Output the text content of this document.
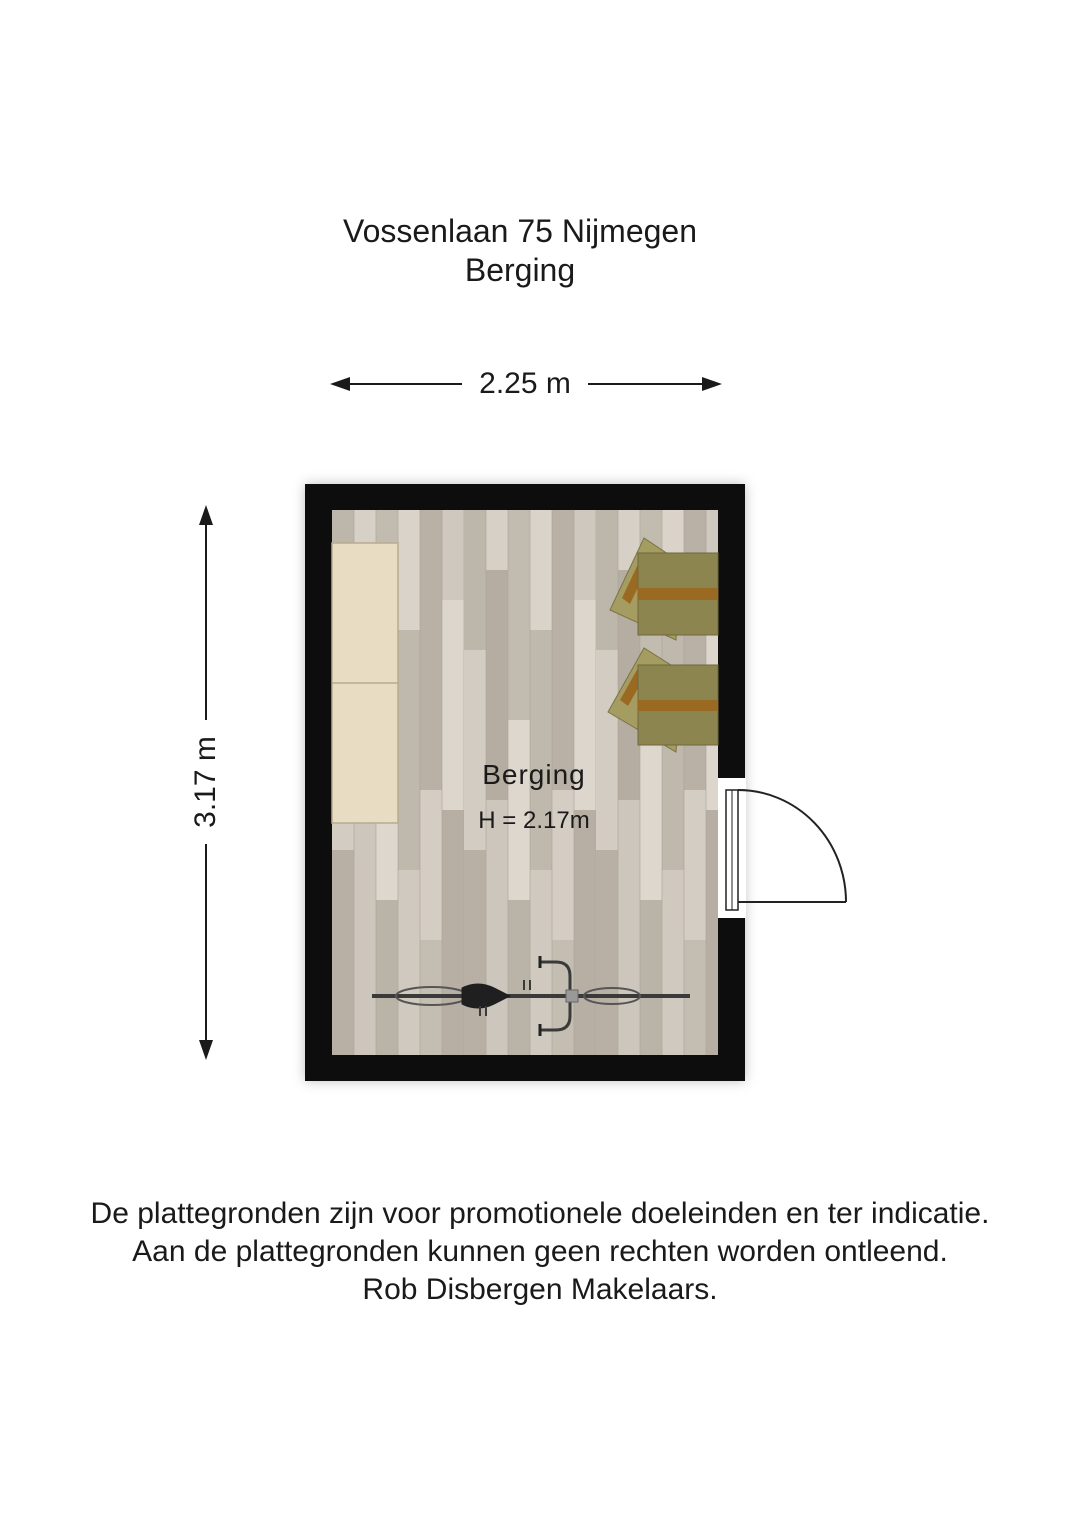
Vossenlaan 75 Nijmegen
Berging
2.25 m
3.17 m	Berging
H = 2.17m
De plattegronden zijn voor promotionele doeleinden en ter indicatie.
Aan de plattegronden kunnen geen rechten worden ontleend.
Rob Disbergen Makelaars.
